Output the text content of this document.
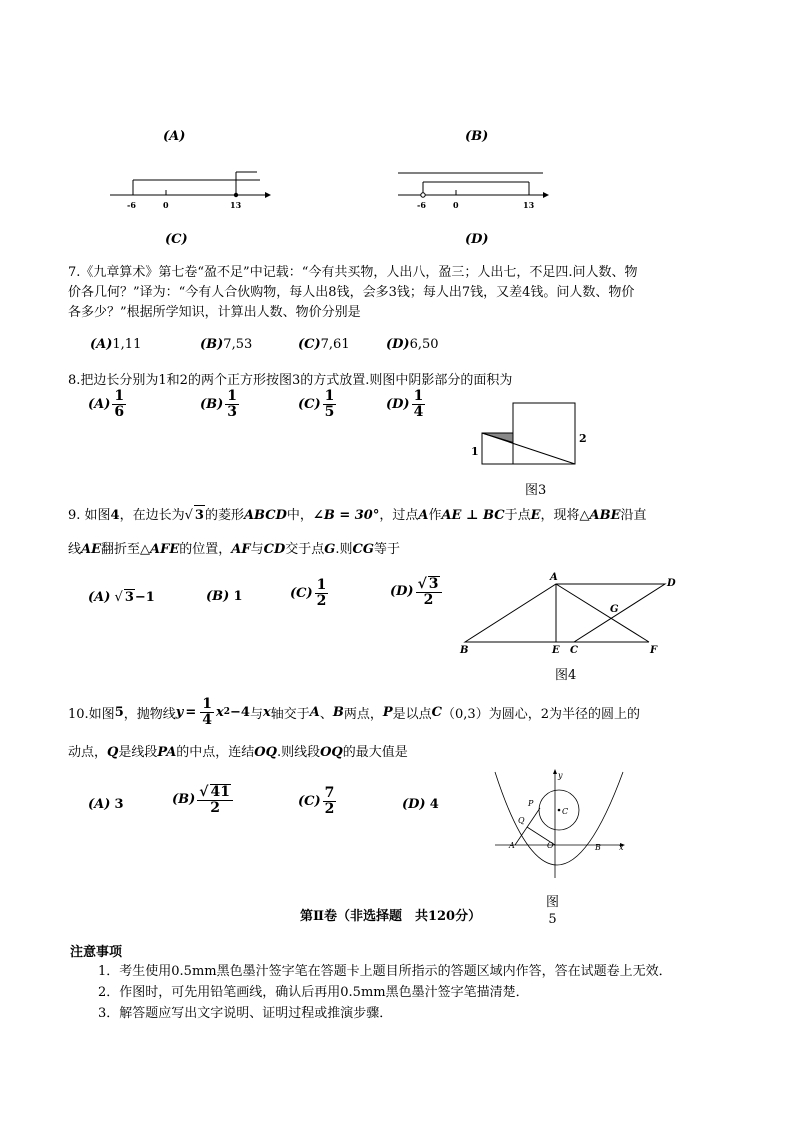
(A)	(B)
-6	0	13	-6	0	13
(C)	(D)
7.《九章算术》第七卷“盈不足”中记载：“今有共买物，人出八，盈三；人出七，不足四.问人数、物
价各几何？”译为：“今有人合伙购物，每人出8钱，会多3钱；每人出7钱，又差4钱。问人数、物价
各多少？”根据所学知识，计算出人数、物价分别是
(A)1,11	(B)7,53	(C)7,61	(D)6,50
8.把边长分别为1和2的两个正方形按图3的方式放置.则图中阴影部分的面积为
$(A) \frac{1}{6}$	$(B) \frac{1}{3}$	$(C) \frac{1}{5}$	$(D) \frac{1}{4}$
1
2
图3
9. 如图4，在边长为√ 3的菱形ABCD中，∠B = 30°，过点A作AE ⊥ BC于点E，现将△ABE沿直
线AE翻折至△AFE的位置，AF与CD交于点G.则CG等于
(A) √ 3−1	(B) 1	$(C) \frac{1}{2}$	$(D) \frac{√ 3}{2}$	A
D
G
B	E C	F
图4
10.如图 5 ，抛物线 $y = \frac{1}{4}$ x 2 −4 与 x 轴交于 A 、 B 两点， P 是以点 C （0,3）为圆心，2为半径的圆上的
动点，Q是线段PA的中点，连结OQ.则线段OQ的最大值是
(A) 3	$(B) \frac{√ 41}{2}$	$(C) \frac{7}{2}$	(D) 4
y
x
P
C
Q
A	O	B
图
5
第Ⅱ卷（非选择题　共120分）
注意事项
1．考生使用0.5mm黑色墨汁签字笔在答题卡上题目所指示的答题区域内作答，答在试题卷上无效．
2．作图时，可先用铅笔画线，确认后再用0.5mm黑色墨汁签字笔描清楚．
3．解答题应写出文字说明、证明过程或推演步骤．
